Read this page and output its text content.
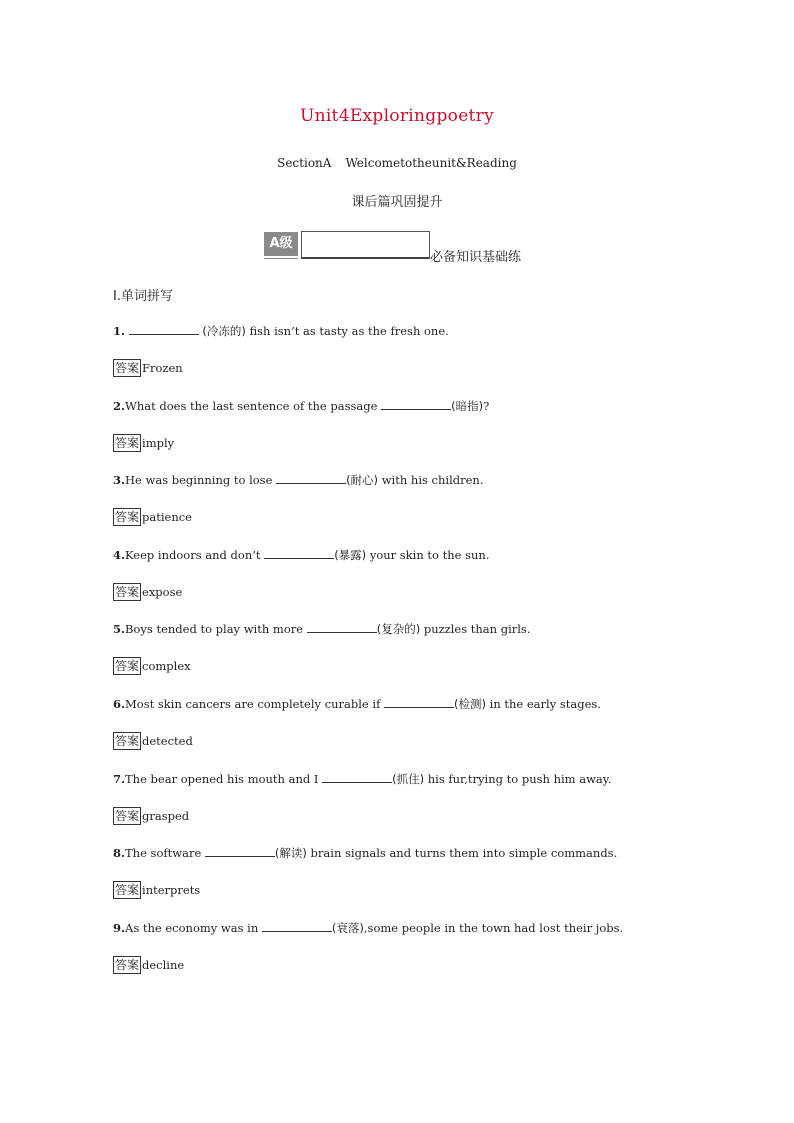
Unit4Exploringpoetry
SectionA Welcometotheunit&Reading
课后篇巩固提升
A级
必备知识基础练
Ⅰ.单词拼写
1.	(冷冻的) fish isn’t as tasty as the fresh one.
答案 Frozen
2.What does the last sentence of the passage	(暗指)?
答案 imply
3.He was beginning to lose	(耐心) with his children.
答案 patience
4.Keep indoors and don’t	(暴露) your skin to the sun.
答案 expose
5.Boys tended to play with more	(复杂的) puzzles than girls.
答案 complex
6.Most skin cancers are completely curable if	(检测) in the early stages.
答案 detected
7.The bear opened his mouth and I	(抓住) his fur,trying to push him away.
答案 grasped
8.The software	(解读) brain signals and turns them into simple commands.
答案 interprets
9.As the economy was in	(衰落),some people in the town had lost their jobs.
答案 decline
